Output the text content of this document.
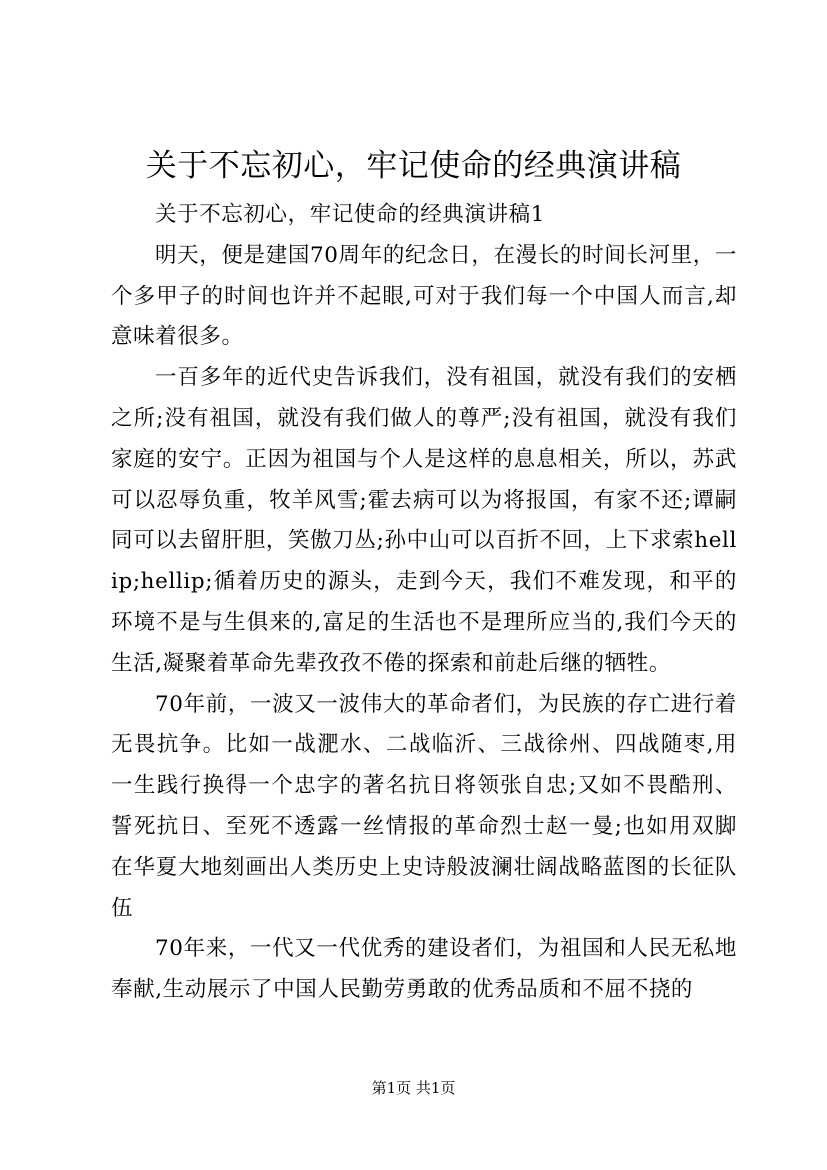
关于不忘初心，牢记使命的经典演讲稿

关于不忘初心，牢记使命的经典演讲稿1

明天，便是建国70周年的纪念日，在漫长的时间长河里，一个多甲子的时间也许并不起眼,可对于我们每一个中国人而言,却意味着很多。

一百多年的近代史告诉我们，没有祖国，就没有我们的安栖之所;没有祖国，就没有我们做人的尊严;没有祖国，就没有我们家庭的安宁。正因为祖国与个人是这样的息息相关，所以，苏武可以忍辱负重，牧羊风雪;霍去病可以为将报国，有家不还;谭嗣同可以去留肝胆，笑傲刀丛;孙中山可以百折不回，上下求索hellip;hellip;循着历史的源头，走到今天，我们不难发现，和平的环境不是与生俱来的,富足的生活也不是理所应当的,我们今天的生活,凝聚着革命先辈孜孜不倦的探索和前赴后继的牺牲。

70年前，一波又一波伟大的革命者们，为民族的存亡进行着无畏抗争。比如一战淝水、二战临沂、三战徐州、四战随枣,用一生践行换得一个忠字的著名抗日将领张自忠;又如不畏酷刑、誓死抗日、至死不透露一丝情报的革命烈士赵一曼;也如用双脚在华夏大地刻画出人类历史上史诗般波澜壮阔战略蓝图的长征队伍

70年来，一代又一代优秀的建设者们，为祖国和人民无私地奉献,生动展示了中国人民勤劳勇敢的优秀品质和不屈不挠的

第1页 共1页
